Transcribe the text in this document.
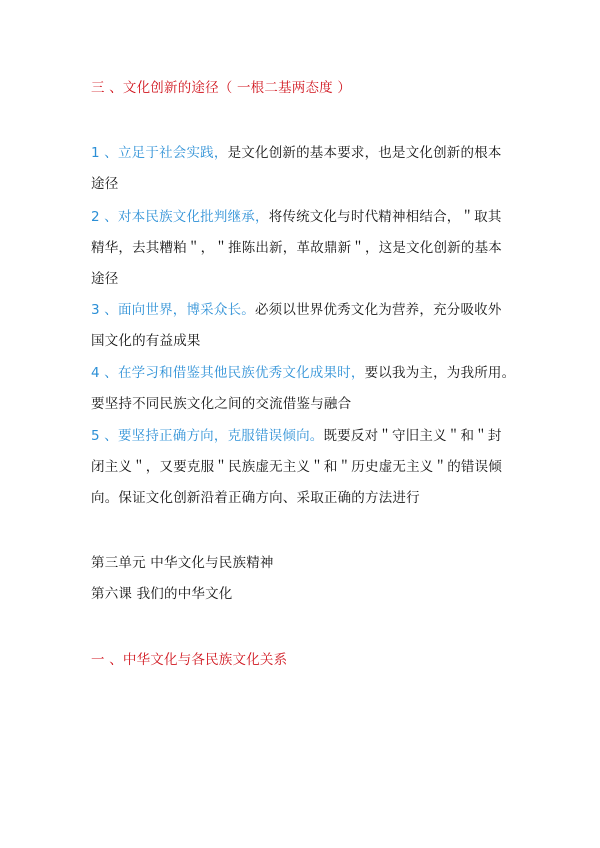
三 、文化创新的途径（ 一根二基两态度 ）
1 、立足于社会实践，是文化创新的基本要求，也是文化创新的根本
途径
2 、对本民族文化批判继承，将传统文化与时代精神相结合，＂取其
精华，去其糟粕＂，＂推陈出新，革故鼎新＂，这是文化创新的基本
途径
3 、面向世界，博采众长。必须以世界优秀文化为营养，充分吸收外
国文化的有益成果
4 、在学习和借鉴其他民族优秀文化成果时，要以我为主，为我所用。
要坚持不同民族文化之间的交流借鉴与融合
5 、要坚持正确方向，克服错误倾向。既要反对＂守旧主义＂和＂封
闭主义＂，又要克服＂民族虚无主义＂和＂历史虚无主义＂的错误倾
向。保证文化创新沿着正确方向、采取正确的方法进行
第三单元 中华文化与民族精神
第六课 我们的中华文化
一 、中华文化与各民族文化关系
